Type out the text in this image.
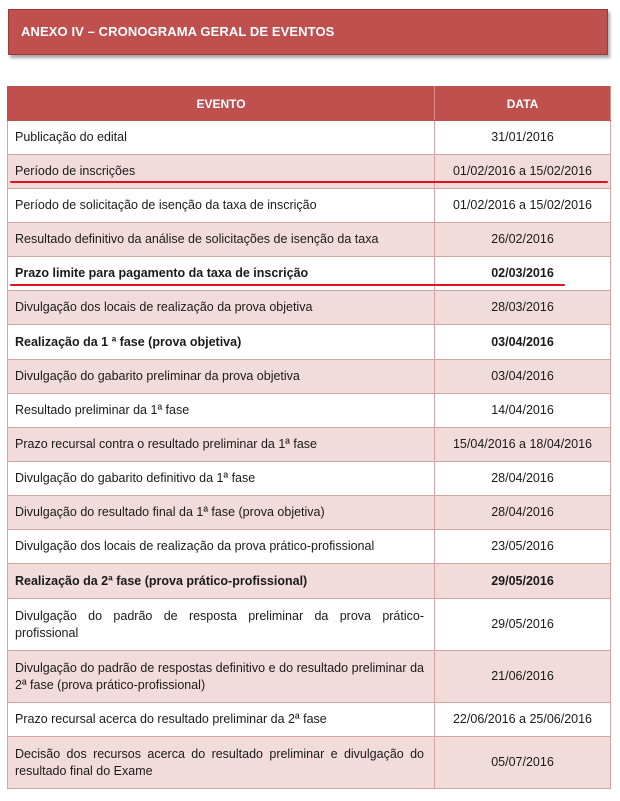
ANEXO IV – CRONOGRAMA GERAL DE EVENTOS
EVENTO	DATA
Publicação do edital	31/01/2016
Período de inscrições	01/02/2016 a 15/02/2016
Período de solicitação de isenção da taxa de inscrição	01/02/2016 a 15/02/2016
Resultado definitivo da análise de solicitações de isenção da taxa	26/02/2016
Prazo limite para pagamento da taxa de inscrição	02/03/2016
Divulgação dos locais de realização da prova objetiva	28/03/2016
Realização da 1 ª fase (prova objetiva)	03/04/2016
Divulgação do gabarito preliminar da prova objetiva	03/04/2016
Resultado preliminar da 1ª fase	14/04/2016
Prazo recursal contra o resultado preliminar da 1ª fase	15/04/2016 a 18/04/2016
Divulgação do gabarito definitivo da 1ª fase	28/04/2016
Divulgação do resultado final da 1ª fase (prova objetiva)	28/04/2016
Divulgação dos locais de realização da prova prático-profissional	23/05/2016
Realização da 2ª fase (prova prático-profissional)	29/05/2016
Divulgação do padrão de resposta preliminar da prova prático-profissional	29/05/2016
Divulgação do padrão de respostas definitivo e do resultado preliminar da 2ª fase (prova prático-profissional)	21/06/2016
Prazo recursal acerca do resultado preliminar da 2ª fase	22/06/2016 a 25/06/2016
Decisão dos recursos acerca do resultado preliminar e divulgação do resultado final do Exame	05/07/2016
